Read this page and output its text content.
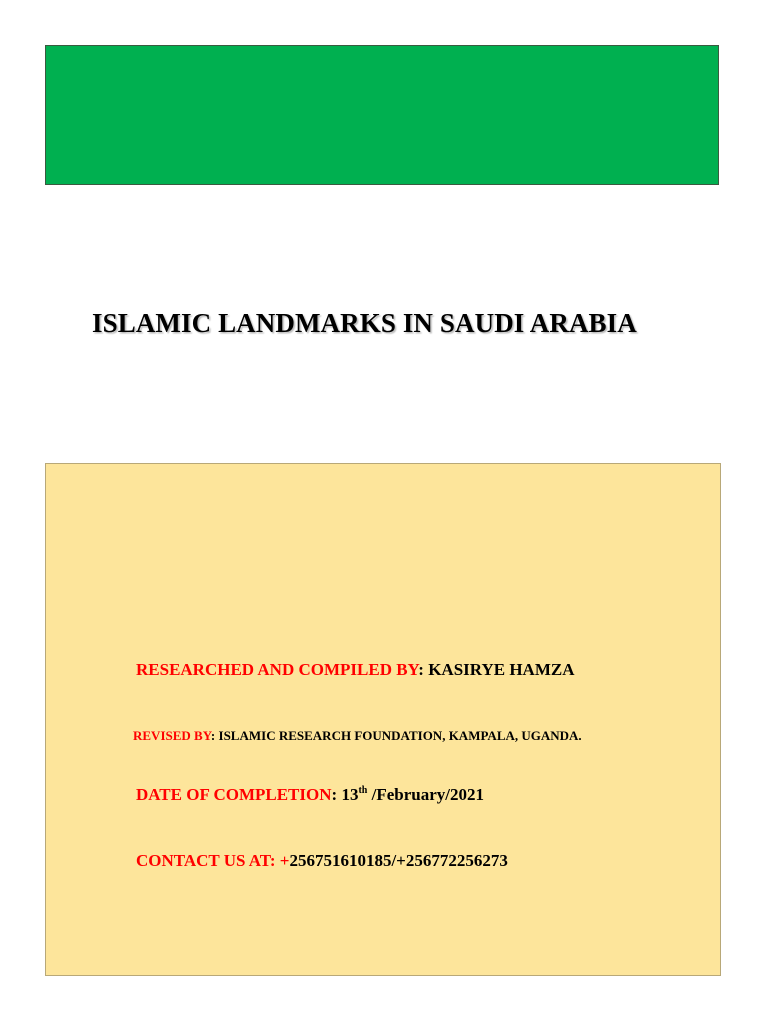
ISLAMIC LANDMARKS IN SAUDI ARABIA

RESEARCHED AND COMPILED BY: KASIRYE HAMZA

REVISED BY: ISLAMIC RESEARCH FOUNDATION, KAMPALA, UGANDA.

DATE OF COMPLETION: 13th /February/2021

CONTACT US AT: +256751610185/+256772256273
